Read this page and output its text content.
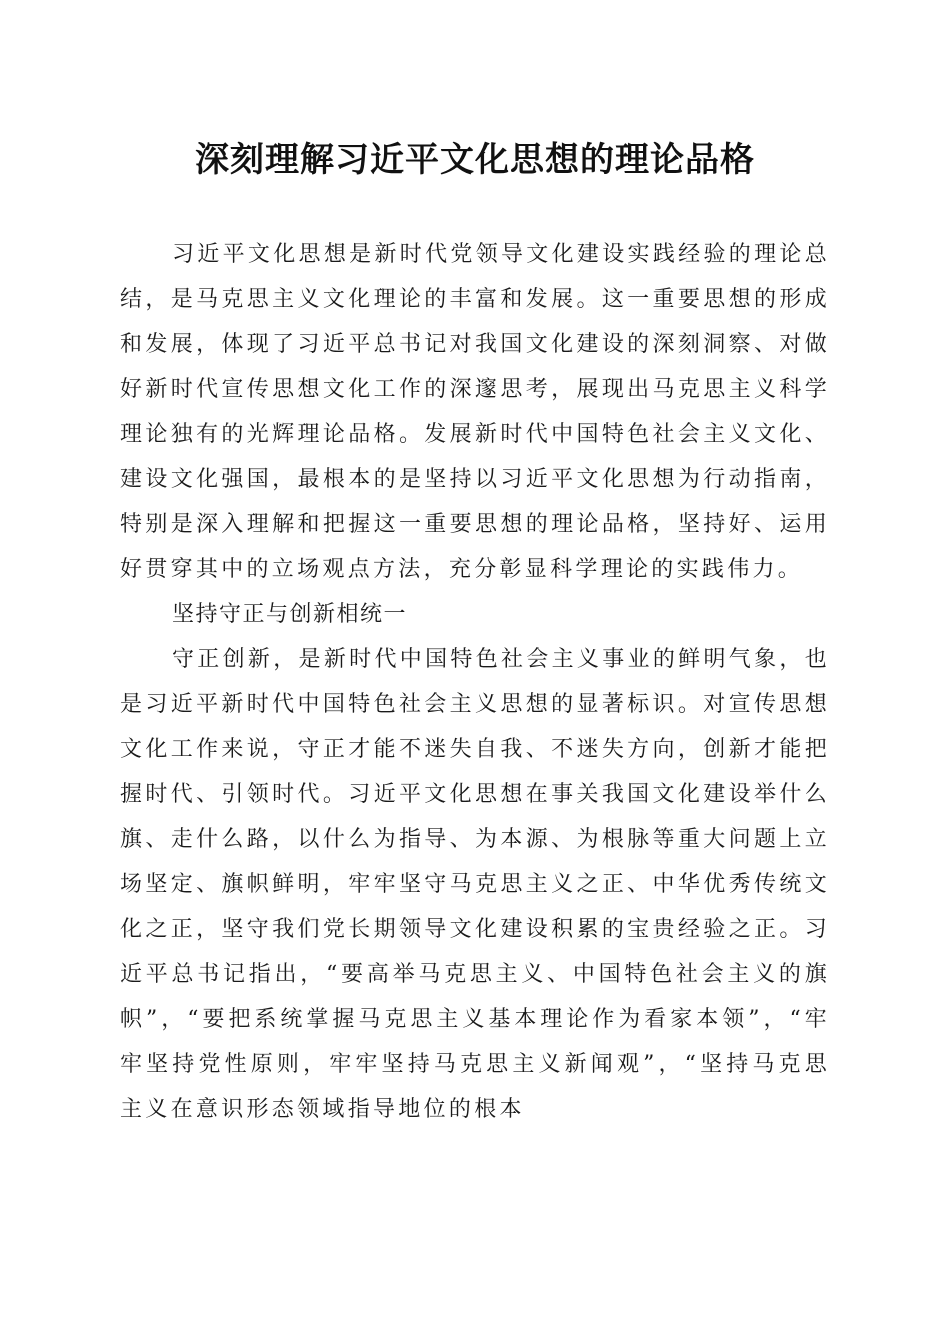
深刻理解习近平文化思想的理论品格

习近平文化思想是新时代党领导文化建设实践经验的理论总结，是马克思主义文化理论的丰富和发展。这一重要思想的形成和发展，体现了习近平总书记对我国文化建设的深刻洞察、对做好新时代宣传思想文化工作的深邃思考，展现出马克思主义科学理论独有的光辉理论品格。发展新时代中国特色社会主义文化、建设文化强国，最根本的是坚持以习近平文化思想为行动指南，特别是深入理解和把握这一重要思想的理论品格，坚持好、运用好贯穿其中的立场观点方法，充分彰显科学理论的实践伟力。

坚持守正与创新相统一

守正创新，是新时代中国特色社会主义事业的鲜明气象，也是习近平新时代中国特色社会主义思想的显著标识。对宣传思想文化工作来说，守正才能不迷失自我、不迷失方向，创新才能把握时代、引领时代。习近平文化思想在事关我国文化建设举什么旗、走什么路，以什么为指导、为本源、为根脉等重大问题上立场坚定、旗帜鲜明，牢牢坚守马克思主义之正、中华优秀传统文化之正，坚守我们党长期领导文化建设积累的宝贵经验之正。习近平总书记指出，“要高举马克思主义、中国特色社会主义的旗帜”，“要把系统掌握马克思主义基本理论作为看家本领”，“牢牢坚持党性原则，牢牢坚持马克思主义新闻观”，“坚持马克思主义在意识形态领域指导地位的根本
